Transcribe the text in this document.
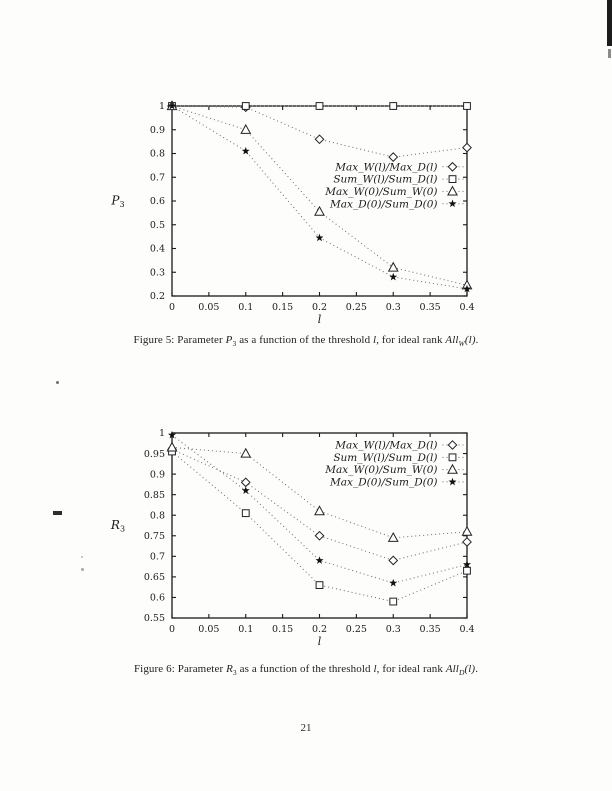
0 0.05 0.1 0.15 0.2 0.25 0.3 0.35 0.4
0.2
0.3
0.4
0.5
0.6
0.7
0.8
0.9
1
Max_W(l)/Max_D(l)
Sum_W(l)/Sum_D(l)
Max_W(0)/Sum_W(0)
Max_D(0)/Sum_D(0)
l
P3
Figure 5: Parameter $P_3$ as a function of the threshold l, for ideal rank All$_W$(l).
0 0.05 0.1 0.15 0.2 0.25 0.3 0.35 0.4
0.55
0.6
0.65
0.7
0.75
0.8
0.85
0.9
0.95
1
Max_W(l)/Max_D(l)
Sum_W(l)/Sum_D(l)
Max_W(0)/Sum_W(0)
Max_D(0)/Sum_D(0)
l
R3
Figure 6: Parameter $R_3$ as a function of the threshold l, for ideal rank All$_D$(l).
21
